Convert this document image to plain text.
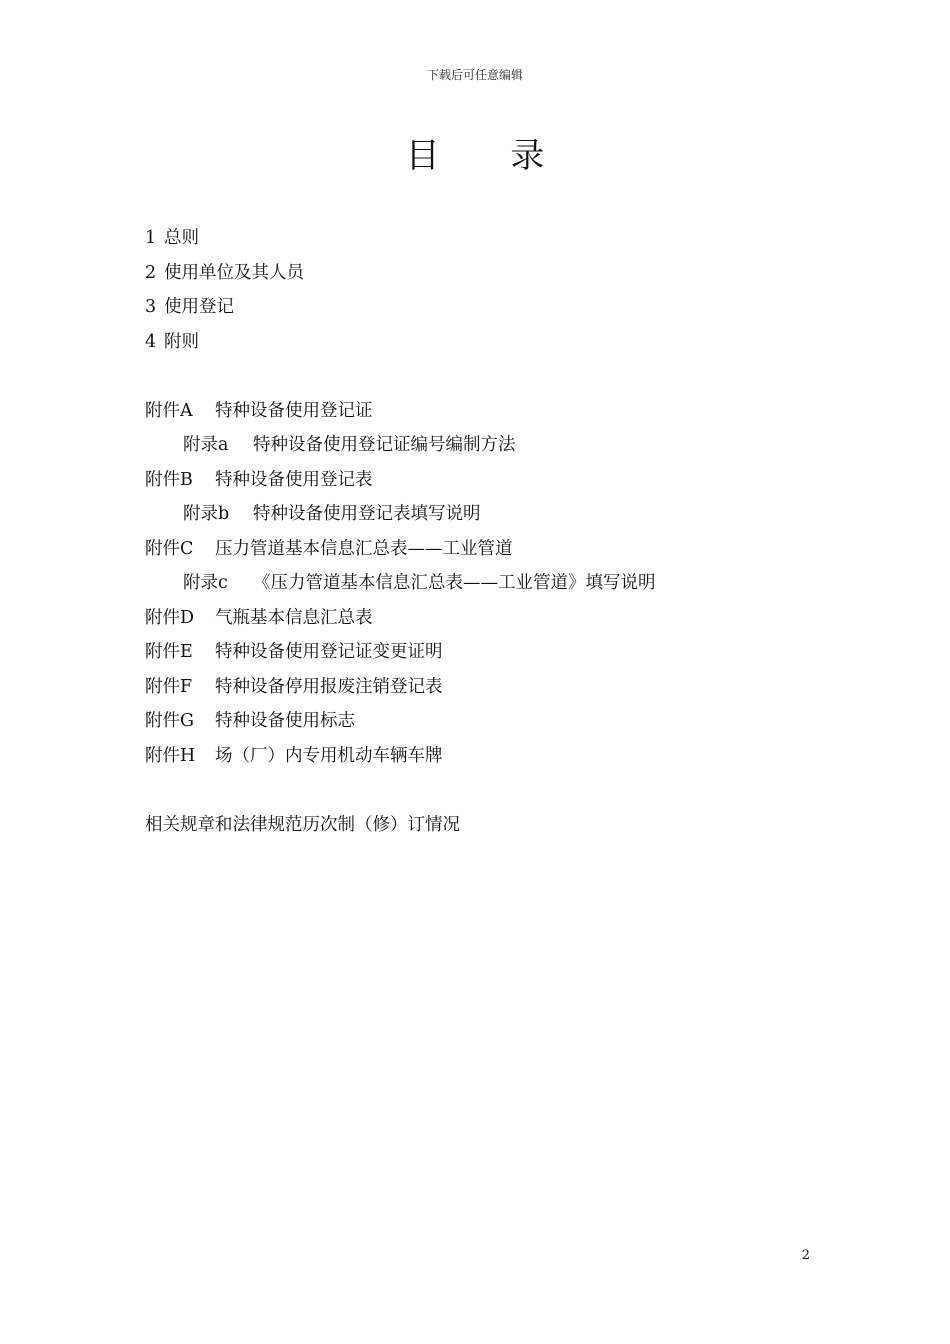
下载后可任意编辑
目 录
1 总则
2 使用单位及其人员
3 使用登记
4 附则
附件A 特种设备使用登记证
附录a 特种设备使用登记证编号编制方法
附件B 特种设备使用登记表
附录b 特种设备使用登记表填写说明
附件C 压力管道基本信息汇总表——工业管道
附录c 《压力管道基本信息汇总表——工业管道》填写说明
附件D 气瓶基本信息汇总表
附件E 特种设备使用登记证变更证明
附件F 特种设备停用报废注销登记表
附件G 特种设备使用标志
附件H 场（厂）内专用机动车辆车牌
相关规章和法律规范历次制（修）订情况
2
